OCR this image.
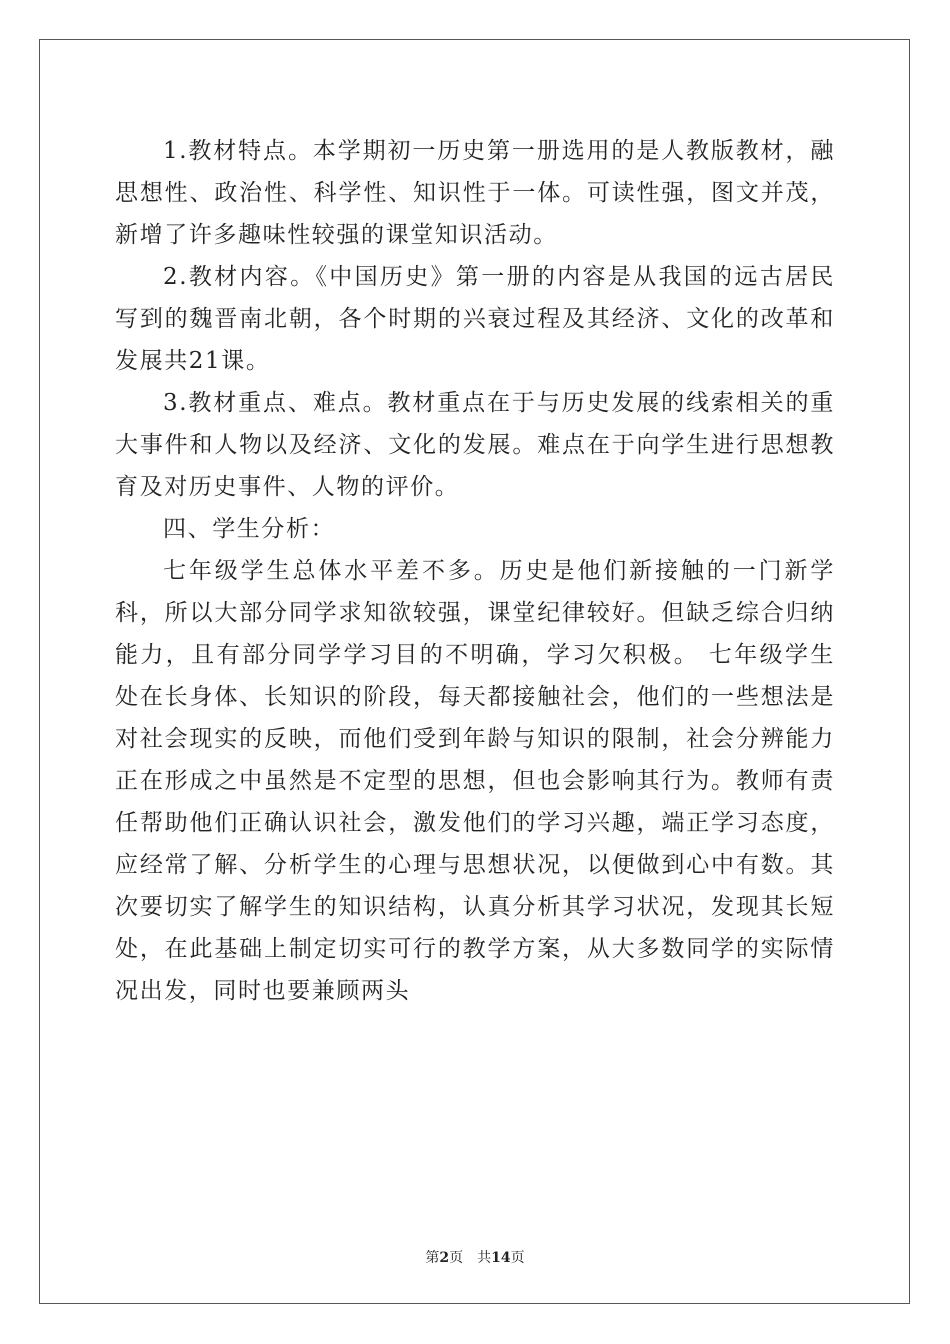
1.教材特点。本学期初一历史第一册选用的是人教版教材，融思想性、政治性、科学性、知识性于一体。可读性强，图文并茂，新增了许多趣味性较强的课堂知识活动。

2.教材内容。《中国历史》第一册的内容是从我国的远古居民写到的魏晋南北朝，各个时期的兴衰过程及其经济、文化的改革和发展共21课。

3.教材重点、难点。教材重点在于与历史发展的线索相关的重大事件和人物以及经济、文化的发展。难点在于向学生进行思想教育及对历史事件、人物的评价。

四、学生分析：

七年级学生总体水平差不多。历史是他们新接触的一门新学科，所以大部分同学求知欲较强，课堂纪律较好。但缺乏综合归纳能力，且有部分同学学习目的不明确，学习欠积极。 七年级学生处在长身体、长知识的阶段，每天都接触社会，他们的一些想法是对社会现实的反映，而他们受到年龄与知识的限制，社会分辨能力正在形成之中虽然是不定型的思想，但也会影响其行为。教师有责任帮助他们正确认识社会，激发他们的学习兴趣，端正学习态度，应经常了解、分析学生的心理与思想状况，以便做到心中有数。其次要切实了解学生的知识结构，认真分析其学习状况，发现其长短处，在此基础上制定切实可行的教学方案，从大多数同学的实际情况出发，同时也要兼顾两头

第2页 共14页
